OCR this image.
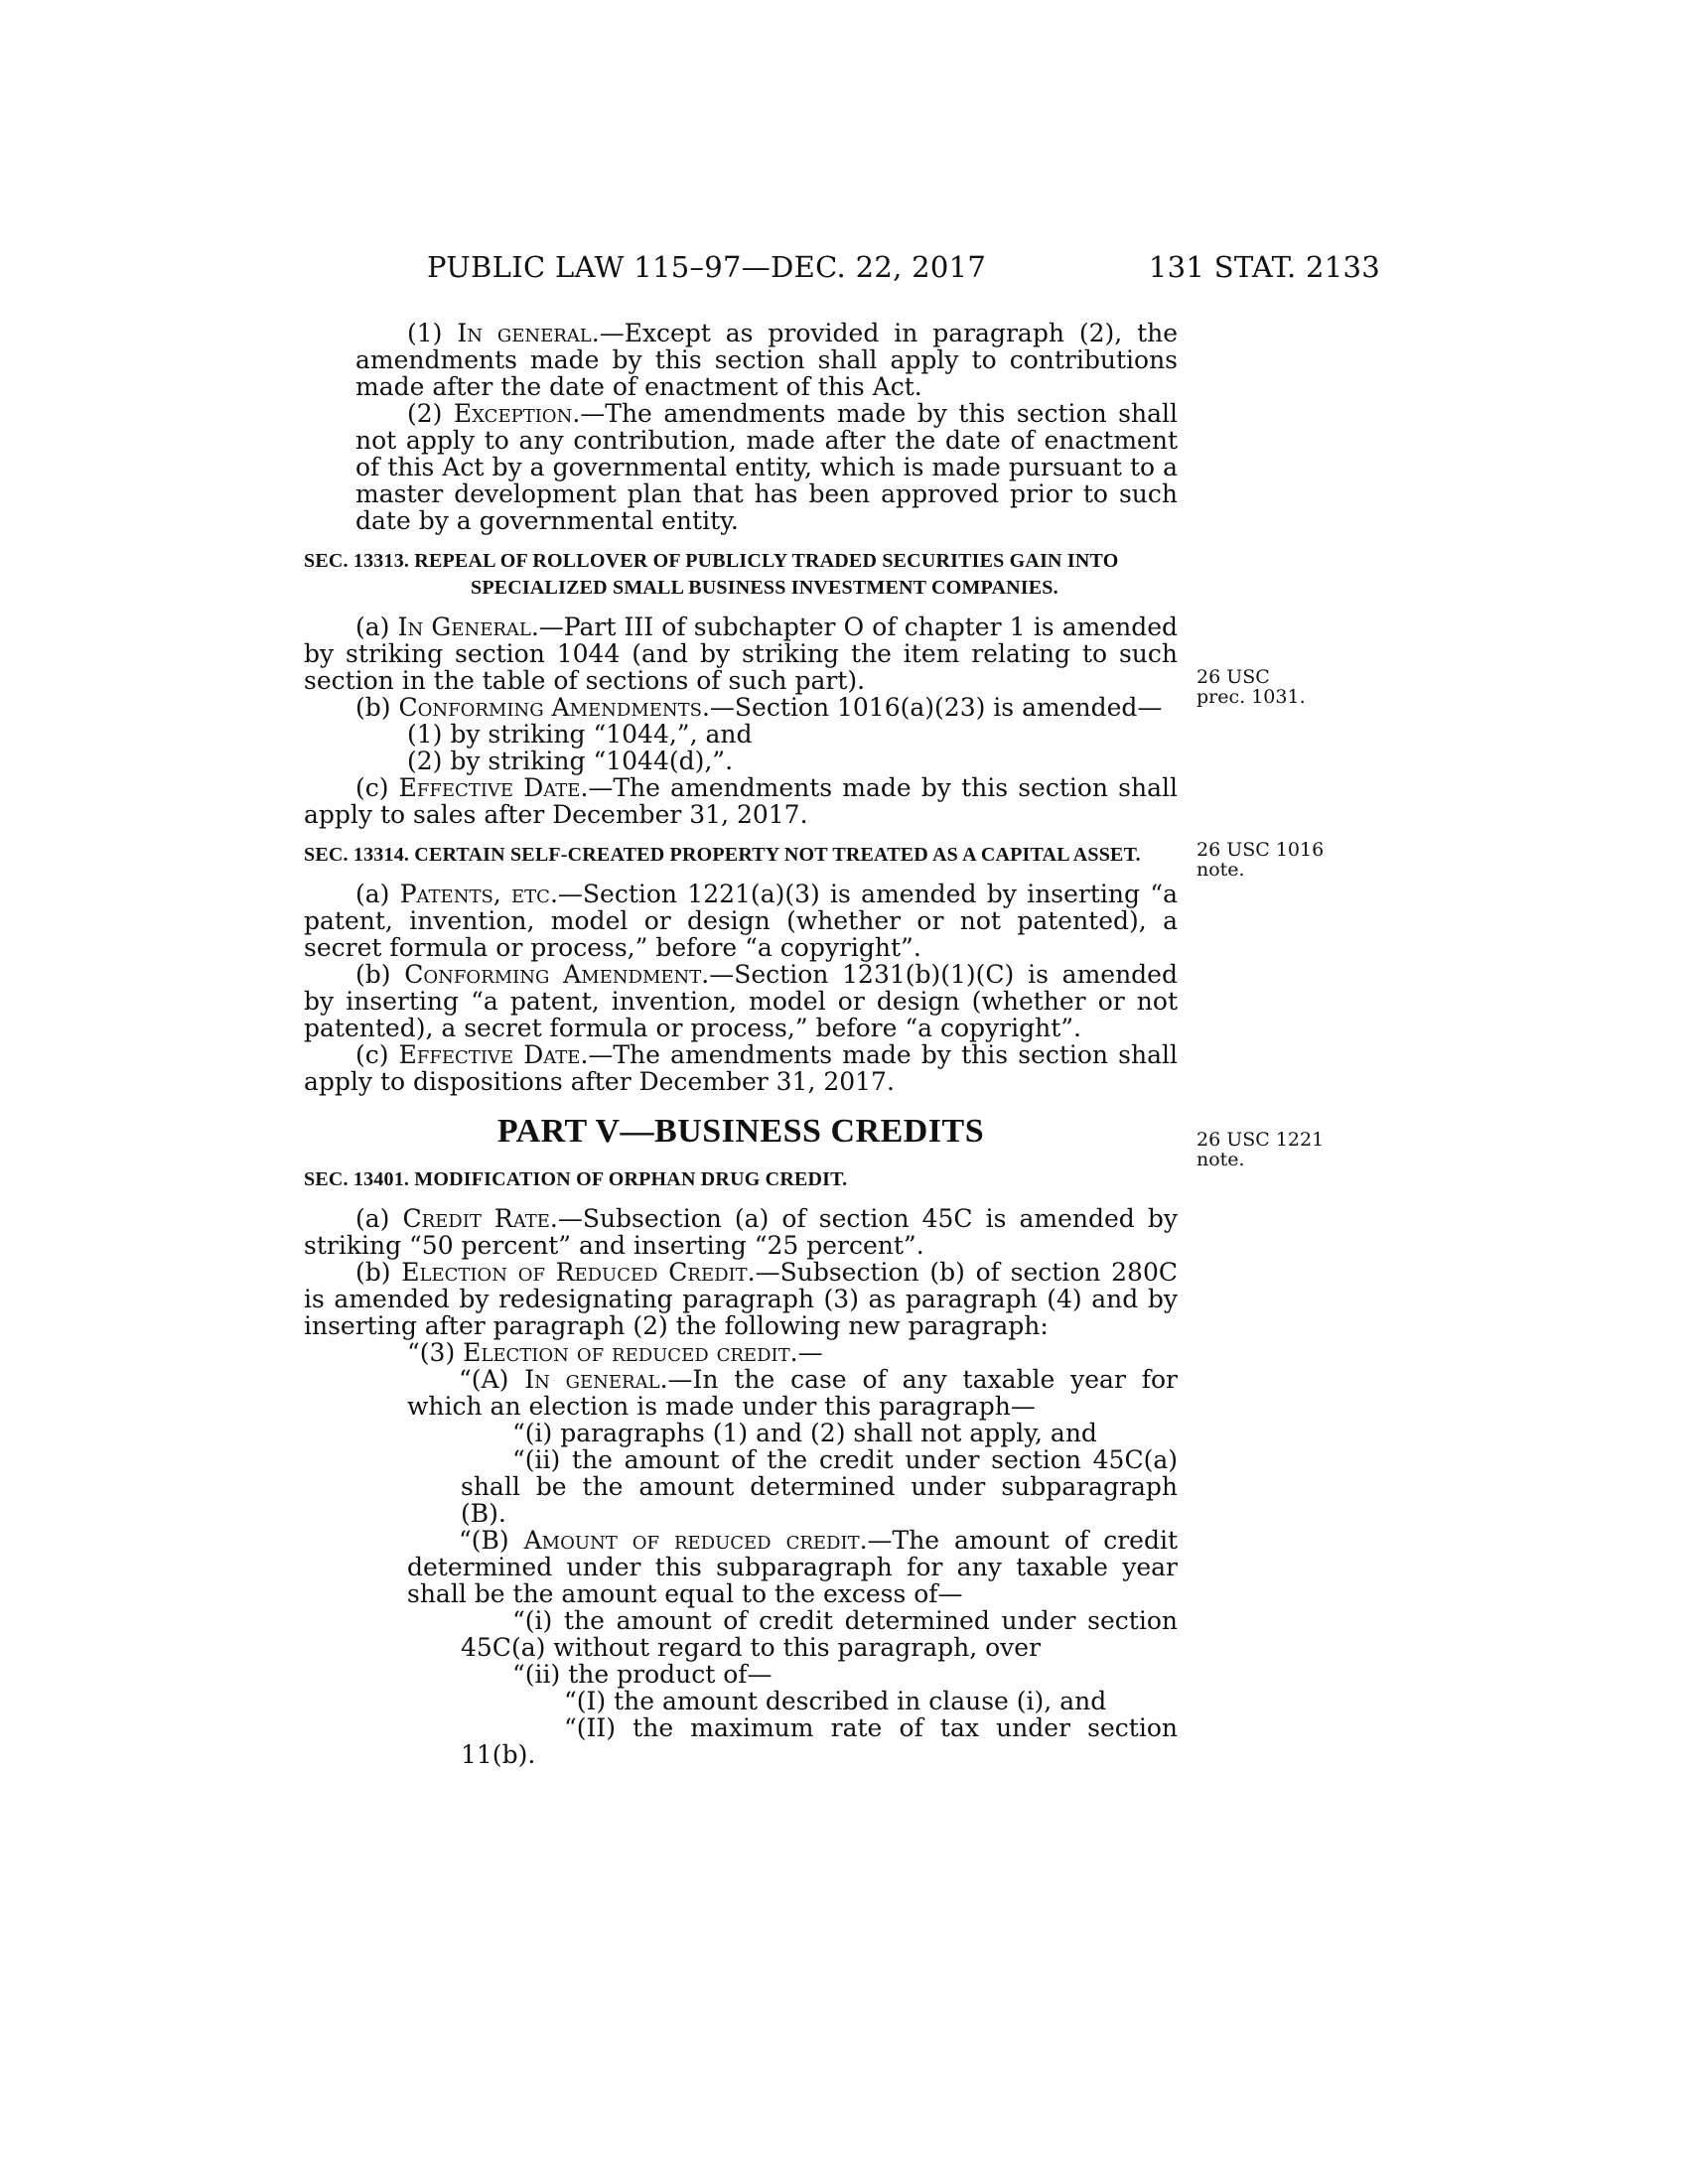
PUBLIC LAW 115–97—DEC. 22, 2017	131 STAT. 2133

(1) In general.—Except as provided in paragraph (2), the amendments made by this section shall apply to contributions made after the date of enactment of this Act.

(2) Exception.—The amendments made by this section shall not apply to any contribution, made after the date of enactment of this Act by a governmental entity, which is made pursuant to a master development plan that has been approved prior to such date by a governmental entity.

SEC. 13313. REPEAL OF ROLLOVER OF PUBLICLY TRADED SECURITIES GAIN INTO SPECIALIZED SMALL BUSINESS INVESTMENT COMPANIES.

(a) In General.—Part III of subchapter O of chapter 1 is amended by striking section 1044 (and by striking the item relating to such section in the table of sections of such part).

(b) Conforming Amendments.—Section 1016(a)(23) is amended—

(1) by striking “1044,”, and

(2) by striking “1044(d),”.

(c) Effective Date.—The amendments made by this section shall apply to sales after December 31, 2017.

SEC. 13314. CERTAIN SELF-CREATED PROPERTY NOT TREATED AS A CAPITAL ASSET.

(a) Patents, etc.—Section 1221(a)(3) is amended by inserting “a patent, invention, model or design (whether or not patented), a secret formula or process,” before “a copyright”.

(b) Conforming Amendment.—Section 1231(b)(1)(C) is amended by inserting “a patent, invention, model or design (whether or not patented), a secret formula or process,” before “a copyright”.

(c) Effective Date.—The amendments made by this section shall apply to dispositions after December 31, 2017.

PART V—BUSINESS CREDITS

SEC. 13401. MODIFICATION OF ORPHAN DRUG CREDIT.

(a) Credit Rate.—Subsection (a) of section 45C is amended by striking “50 percent” and inserting “25 percent”.

(b) Election of Reduced Credit.—Subsection (b) of section 280C is amended by redesignating paragraph (3) as paragraph (4) and by inserting after paragraph (2) the following new paragraph:

“(3) Election of reduced credit.—

“(A) In general.—In the case of any taxable year for which an election is made under this paragraph—

“(i) paragraphs (1) and (2) shall not apply, and

“(ii) the amount of the credit under section 45C(a) shall be the amount determined under subparagraph (B).

“(B) Amount of reduced credit.—The amount of credit determined under this subparagraph for any taxable year shall be the amount equal to the excess of—

“(i) the amount of credit determined under section 45C(a) without regard to this paragraph, over

“(ii) the product of—

“(I) the amount described in clause (i), and

“(II) the maximum rate of tax under section 11(b).

26 USC
prec. 1031.
26 USC 1016
note.
26 USC 1221
note.
